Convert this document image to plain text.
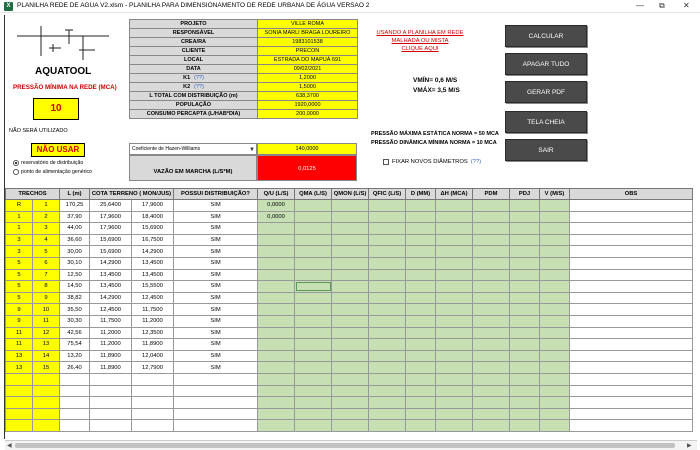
X	PLANILHA REDE DE AGUA V2.xlsm - PLANILHA PARA DIMENSIONAMENTO DE REDE URBANA DE ÁGUA VERSAO 2	— ⧉ ✕
AQUATOOL
PRESSÃO MÍNIMA NA REDE (MCA)
10
NÃO SERÁ UTILIZADO
NÃO USAR
reservatório de distribuição
ponto de alimentação genérico
PROJETO	VILLE ROMA
RESPONSÁVEL	SONIA MARLI BRAGA LOUREIRO
CREA/RA	1983101538
CLIENTE	PRECON
LOCAL	ESTRADA DO MAPUÁ 691
DATA	09/02/2021
K1 (??)	1,2000
K2 (??)	1,5000
L TOTAL COM DISTRIBUIÇÃO (m)	638,3700
POPULAÇÃO	1920,0000
CONSUMO PERCAPTA (L/HAB*DIA)	200,0000
Coeficiente de Hazen-Williams	▼	140,0000
VAZÃO EM MARCHA (L/S*M)	0,0125
USANDO A PLANILHA EM REDE
MALHADA OU MISTA
CLIQUE AQUI
VMÍN= 0,6 M/S
VMÁX= 3,5 M/S
PRESSÃO MÁXIMA ESTÁTICA NORMA = 50 MCA
PRESSÃO DINÂMICA MÍNIMA NORMA = 10 MCA
FIXAR NOVOS DIÂMETROS (??)
CALCULAR
APAGAR TUDO
GERAR PDF
TELA CHEIA
SAIR
TRECHOS		L (m)	COTA TERRENO ( MON/JUS)		POSSUI DISTRIBUIÇÃO?	Q/U (L/S)	QMA (L/S)	QMON (L/S)	QFIC (L/S)	D (MM)	ΔH (MCA)	PDM	PDJ	V (M/S)	OBS
R	1	170,25	25,6400	17,9600	SIM	0,0000									
1	2	37,90	17,9600	18,4000	SIM	0,0000									
1	3	44,00	17,9600	15,6900	SIM										
3	4	36,60	15,6900	16,7500	SIM										
3	5	30,00	15,6900	14,2900	SIM										
5	6	30,10	14,2900	13,4500	SIM										
5	7	12,50	13,4500	13,4500	SIM										
5	8	14,50	13,4500	15,5500	SIM										
5	9	38,82	14,2900	12,4500	SIM										
9	10	35,50	12,4500	11,7500	SIM										
9	11	30,30	11,7500	11,2000	SIM										
11	12	42,56	11,2000	12,3500	SIM										
11	13	75,54	11,2000	11,8900	SIM										
13	14	13,20	11,8900	12,0400	SIM										
13	15	26,40	11,8900	12,7900	SIM										

◀	▶
